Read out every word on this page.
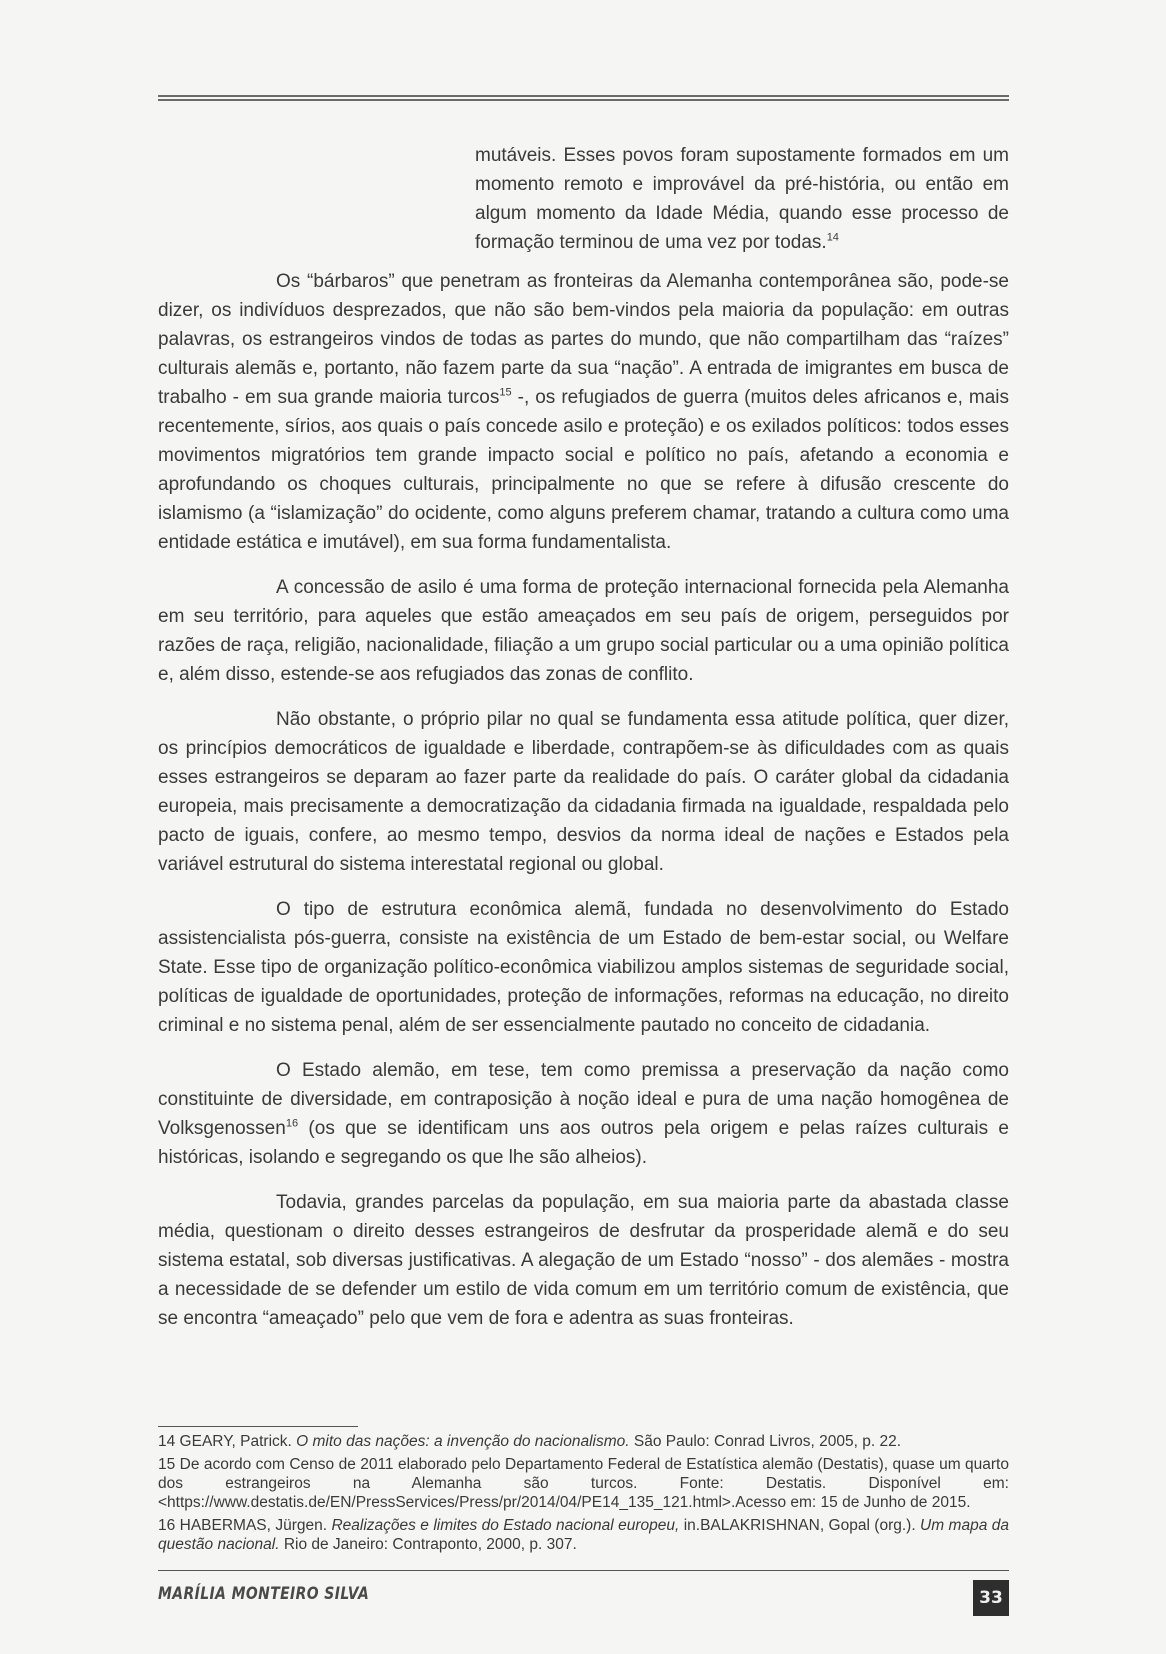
mutáveis. Esses povos foram supostamente formados em um momento remoto e improvável da pré-história, ou então em algum momento da Idade Média, quando esse processo de formação terminou de uma vez por todas.$^{14}$

Os “bárbaros” que penetram as fronteiras da Alemanha contemporânea são, pode-se dizer, os indivíduos desprezados, que não são bem-vindos pela maioria da população: em outras palavras, os estrangeiros vindos de todas as partes do mundo, que não compartilham das “raízes” culturais alemãs e, portanto, não fazem parte da sua “nação”. A entrada de imigrantes em busca de trabalho - em sua grande maioria turcos$^{15}$ -, os refugiados de guerra (muitos deles africanos e, mais recentemente, sírios, aos quais o país concede asilo e proteção) e os exilados políticos: todos esses movimentos migratórios tem grande impacto social e político no país, afetando a economia e aprofundando os choques culturais, principalmente no que se refere à difusão crescente do islamismo (a “islamização” do ocidente, como alguns preferem chamar, tratando a cultura como uma entidade estática e imutável), em sua forma fundamentalista.

A concessão de asilo é uma forma de proteção internacional fornecida pela Alemanha em seu território, para aqueles que estão ameaçados em seu país de origem, perseguidos por razões de raça, religião, nacionalidade, filiação a um grupo social particular ou a uma opinião política e, além disso, estende-se aos refugiados das zonas de conflito.

Não obstante, o próprio pilar no qual se fundamenta essa atitude política, quer dizer, os princípios democráticos de igualdade e liberdade, contrapõem-se às dificuldades com as quais esses estrangeiros se deparam ao fazer parte da realidade do país. O caráter global da cidadania europeia, mais precisamente a democratização da cidadania firmada na igualdade, respaldada pelo pacto de iguais, confere, ao mesmo tempo, desvios da norma ideal de nações e Estados pela variável estrutural do sistema interestatal regional ou global.

O tipo de estrutura econômica alemã, fundada no desenvolvimento do Estado assistencialista pós-guerra, consiste na existência de um Estado de bem-estar social, ou Welfare State. Esse tipo de organização político-econômica viabilizou amplos sistemas de seguridade social, políticas de igualdade de oportunidades, proteção de informações, reformas na educação, no direito criminal e no sistema penal, além de ser essencialmente pautado no conceito de cidadania.

O Estado alemão, em tese, tem como premissa a preservação da nação como constituinte de diversidade, em contraposição à noção ideal e pura de uma nação homogênea de Volksgenossen$^{16}$ (os que se identificam uns aos outros pela origem e pelas raízes culturais e históricas, isolando e segregando os que lhe são alheios).

Todavia, grandes parcelas da população, em sua maioria parte da abastada classe média, questionam o direito desses estrangeiros de desfrutar da prosperidade alemã e do seu sistema estatal, sob diversas justificativas. A alegação de um Estado “nosso” - dos alemães - mostra a necessidade de se defender um estilo de vida comum em um território comum de existência, que se encontra “ameaçado” pelo que vem de fora e adentra as suas fronteiras.

14 GEARY, Patrick. O mito das nações: a invenção do nacionalismo. São Paulo: Conrad Livros, 2005, p. 22.

15 De acordo com Censo de 2011 elaborado pelo Departamento Federal de Estatística alemão (Destatis), quase um quarto dos estrangeiros na Alemanha são turcos. Fonte: Destatis. Disponível em: <https://www.destatis.de/EN/PressServices/Press/pr/2014/04/PE14_135_121.html>.Acesso em: 15 de Junho de 2015.

16 HABERMAS, Jürgen. Realizações e limites do Estado nacional europeu, in.BALAKRISHNAN, Gopal (org.). Um mapa da questão nacional. Rio de Janeiro: Contraponto, 2000, p. 307.

MARÍLIA MONTEIRO SILVA	33
